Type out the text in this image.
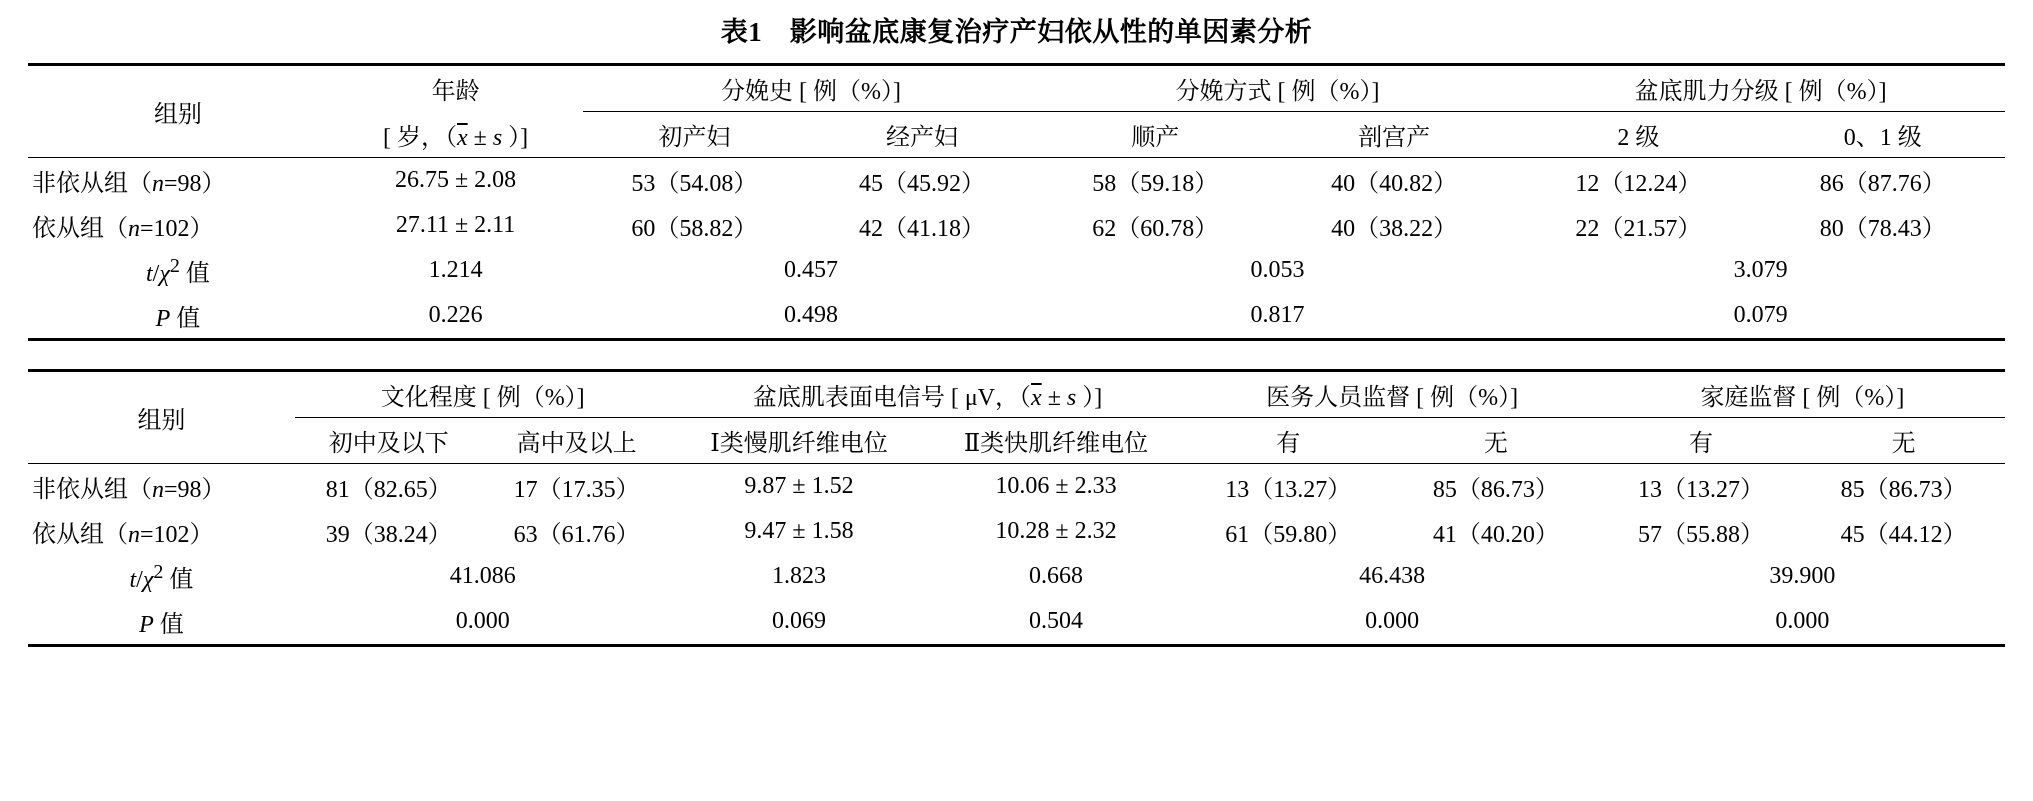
表1　影响盆底康复治疗产妇依从性的单因素分析
组别	年龄	分娩史 [ 例（%）]		分娩方式 [ 例（%）]		盆底肌力分级 [ 例（%）]	
	[ 岁，（$\overline{x} \pm s$ ）]	初产妇	经产妇	顺产	剖宫产	2 级	0、1 级
非依从组（n=98）	26.75 ± 2.08	53（54.08）	45（45.92）	58（59.18）	40（40.82）	12（12.24）	86（87.76）
依从组（n=102）	27.11 ± 2.11	60（58.82）	42（41.18）	62（60.78）	40（38.22）	22（21.57）	80（78.43）
$t/\chi^2$ 值	1.214	0.457		0.053		3.079	
P 值	0.226	0.498		0.817		0.079	
组别	文化程度 [ 例（%）]		盆底肌表面电信号 [ μV，（$\overline{x} \pm s$ ）]		医务人员监督 [ 例（%）]		家庭监督 [ 例（%）]	
	初中及以下	高中及以上	Ⅰ类慢肌纤维电位	Ⅱ类快肌纤维电位	有	无	有	无
非依从组（n=98）	81（82.65）	17（17.35）	9.87 ± 1.52	10.06 ± 2.33	13（13.27）	85（86.73）	13（13.27）	85（86.73）
依从组（n=102）	39（38.24）	63（61.76）	9.47 ± 1.58	10.28 ± 2.32	61（59.80）	41（40.20）	57（55.88）	45（44.12）
$t/\chi^2$ 值	41.086		1.823	0.668	46.438		39.900	
P 值	0.000		0.069	0.504	0.000		0.000	
